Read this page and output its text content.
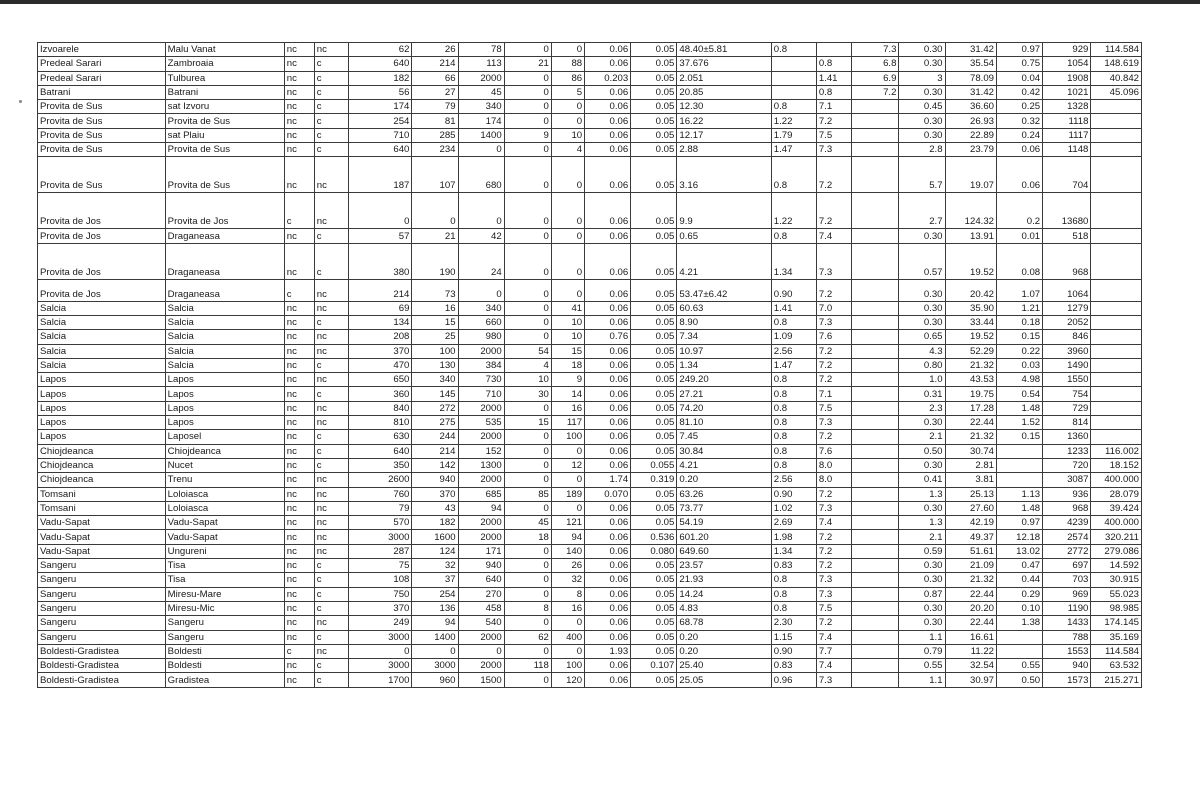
Izvoarele	Malu Vanat	nc	nc	62	26	78	0	0	0.06	0.05	48.40±5.81	0.8		7.3	0.30	31.42	0.97	929	114.584
Predeal Sarari	Zambroaia	nc	c	640	214	113	21	88	0.06	0.05	37.676		0.8	6.8	0.30	35.54	0.75	1054	148.619
Predeal Sarari	Tulburea	nc	c	182	66	2000	0	86	0.203	0.05	2.051		1.41	6.9	3	78.09	0.04	1908	40.842
Batrani	Batrani	nc	c	56	27	45	0	5	0.06	0.05	20.85		0.8	7.2	0.30	31.42	0.42	1021	45.096
Provita de Sus	sat Izvoru	nc	c	174	79	340	0	0	0.06	0.05	12.30	0.8	7.1		0.45	36.60	0.25	1328	
Provita de Sus	Provita de Sus	nc	c	254	81	174	0	0	0.06	0.05	16.22	1.22	7.2		0.30	26.93	0.32	1118	
Provita de Sus	sat Plaiu	nc	c	710	285	1400	9	10	0.06	0.05	12.17	1.79	7.5		0.30	22.89	0.24	1117	
Provita de Sus	Provita de Sus	nc	c	640	234	0	0	4	0.06	0.05	2.88	1.47	7.3		2.8	23.79	0.06	1148	
Provita de Sus	Provita de Sus	nc	nc	187	107	680	0	0	0.06	0.05	3.16	0.8	7.2		5.7	19.07	0.06	704	
Provita de Jos	Provita de Jos	c	nc	0	0	0	0	0	0.06	0.05	9.9	1.22	7.2		2.7	124.32	0.2	13680	
Provita de Jos	Draganeasa	nc	c	57	21	42	0	0	0.06	0.05	0.65	0.8	7.4		0.30	13.91	0.01	518	
Provita de Jos	Draganeasa	nc	c	380	190	24	0	0	0.06	0.05	4.21	1.34	7.3		0.57	19.52	0.08	968	
Provita de Jos	Draganeasa	c	nc	214	73	0	0	0	0.06	0.05	53.47±6.42	0.90	7.2		0.30	20.42	1.07	1064	
Salcia	Salcia	nc	nc	69	16	340	0	41	0.06	0.05	60.63	1.41	7.0		0.30	35.90	1.21	1279	
Salcia	Salcia	nc	c	134	15	660	0	10	0.06	0.05	8.90	0.8	7.3		0.30	33.44	0.18	2052	
Salcia	Salcia	nc	nc	208	25	980	0	10	0.76	0.05	7.34	1.09	7.6		0.65	19.52	0.15	846	
Salcia	Salcia	nc	nc	370	100	2000	54	15	0.06	0.05	10.97	2.56	7.2		4.3	52.29	0.22	3960	
Salcia	Salcia	nc	c	470	130	384	4	18	0.06	0.05	1.34	1.47	7.2		0.80	21.32	0.03	1490	
Lapos	Lapos	nc	nc	650	340	730	10	9	0.06	0.05	249.20	0.8	7.2		1.0	43.53	4.98	1550	
Lapos	Lapos	nc	c	360	145	710	30	14	0.06	0.05	27.21	0.8	7.1		0.31	19.75	0.54	754	
Lapos	Lapos	nc	nc	840	272	2000	0	16	0.06	0.05	74.20	0.8	7.5		2.3	17.28	1.48	729	
Lapos	Lapos	nc	nc	810	275	535	15	117	0.06	0.05	81.10	0.8	7.3		0.30	22.44	1.52	814	
Lapos	Laposel	nc	c	630	244	2000	0	100	0.06	0.05	7.45	0.8	7.2		2.1	21.32	0.15	1360	
Chiojdeanca	Chiojdeanca	nc	c	640	214	152	0	0	0.06	0.05	30.84	0.8	7.6		0.50	30.74		1233	116.002
Chiojdeanca	Nucet	nc	c	350	142	1300	0	12	0.06	0.055	4.21	0.8	8.0		0.30	2.81		720	18.152
Chiojdeanca	Trenu	nc	nc	2600	940	2000	0	0	1.74	0.319	0.20	2.56	8.0		0.41	3.81		3087	400.000
Tomsani	Loloiasca	nc	nc	760	370	685	85	189	0.070	0.05	63.26	0.90	7.2		1.3	25.13	1.13	936	28.079
Tomsani	Loloiasca	nc	nc	79	43	94	0	0	0.06	0.05	73.77	1.02	7.3		0.30	27.60	1.48	968	39.424
Vadu-Sapat	Vadu-Sapat	nc	nc	570	182	2000	45	121	0.06	0.05	54.19	2.69	7.4		1.3	42.19	0.97	4239	400.000
Vadu-Sapat	Vadu-Sapat	nc	nc	3000	1600	2000	18	94	0.06	0.536	601.20	1.98	7.2		2.1	49.37	12.18	2574	320.211
Vadu-Sapat	Ungureni	nc	nc	287	124	171	0	140	0.06	0.080	649.60	1.34	7.2		0.59	51.61	13.02	2772	279.086
Sangeru	Tisa	nc	c	75	32	940	0	26	0.06	0.05	23.57	0.83	7.2		0.30	21.09	0.47	697	14.592
Sangeru	Tisa	nc	c	108	37	640	0	32	0.06	0.05	21.93	0.8	7.3		0.30	21.32	0.44	703	30.915
Sangeru	Miresu-Mare	nc	c	750	254	270	0	8	0.06	0.05	14.24	0.8	7.3		0.87	22.44	0.29	969	55.023
Sangeru	Miresu-Mic	nc	c	370	136	458	8	16	0.06	0.05	4.83	0.8	7.5		0.30	20.20	0.10	1190	98.985
Sangeru	Sangeru	nc	nc	249	94	540	0	0	0.06	0.05	68.78	2.30	7.2		0.30	22.44	1.38	1433	174.145
Sangeru	Sangeru	nc	c	3000	1400	2000	62	400	0.06	0.05	0.20	1.15	7.4		1.1	16.61		788	35.169
Boldesti-Gradistea	Boldesti	c	nc	0	0	0	0	0	1.93	0.05	0.20	0.90	7.7		0.79	11.22		1553	114.584
Boldesti-Gradistea	Boldesti	nc	c	3000	3000	2000	118	100	0.06	0.107	25.40	0.83	7.4		0.55	32.54	0.55	940	63.532
Boldesti-Gradistea	Gradistea	nc	c	1700	960	1500	0	120	0.06	0.05	25.05	0.96	7.3		1.1	30.97	0.50	1573	215.271
